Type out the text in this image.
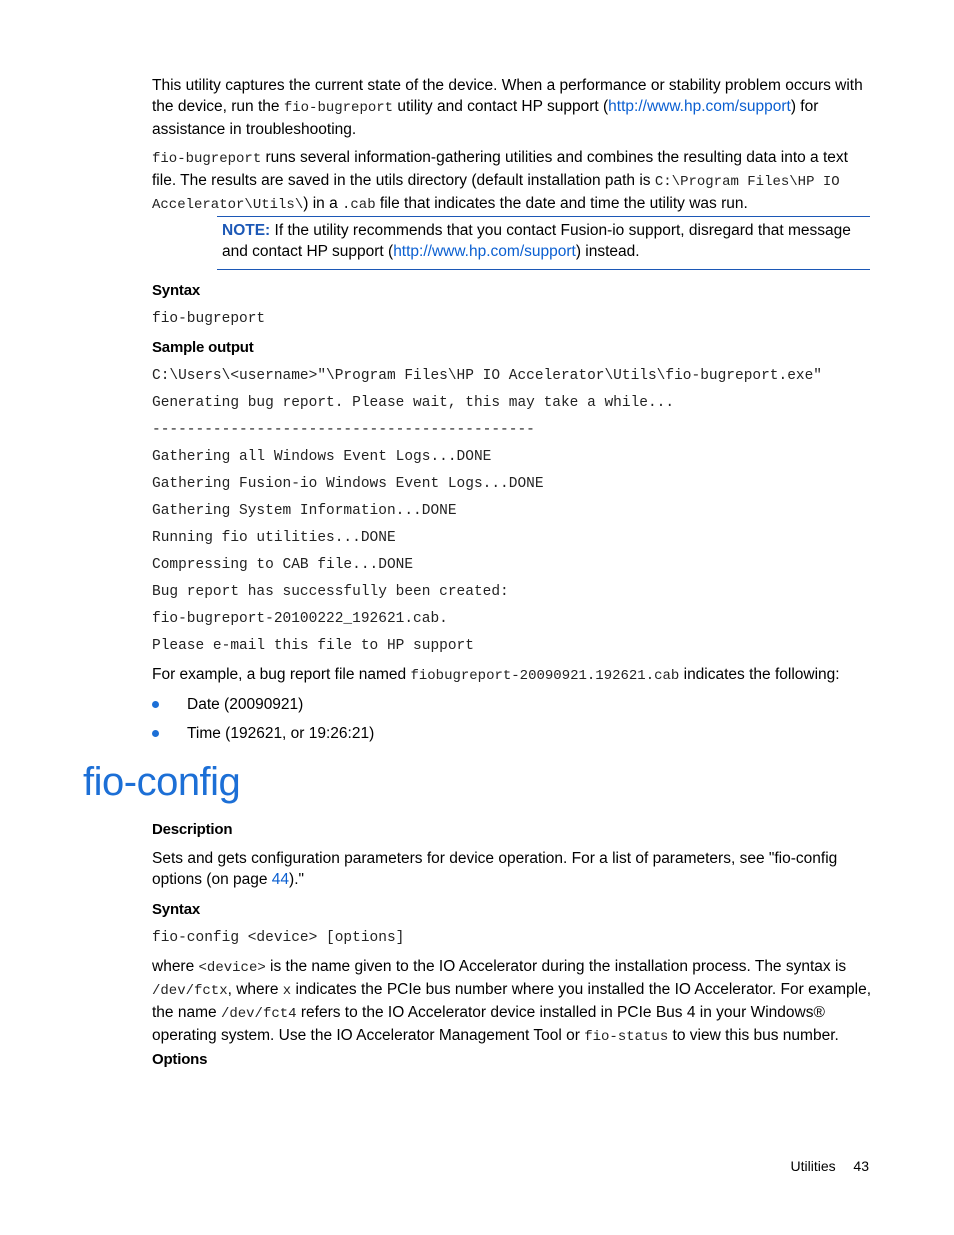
This utility captures the current state of the device. When a performance or stability problem occurs with the device, run the fio-bugreport utility and contact HP support (http://www.hp.com/support) for assistance in troubleshooting.

fio-bugreport runs several information-gathering utilities and combines the resulting data into a text file. The results are saved in the utils directory (default installation path is C:\Program Files\HP IO Accelerator\Utils\) in a .cab file that indicates the date and time the utility was run.

NOTE: If the utility recommends that you contact Fusion-io support, disregard that message and contact HP support (http://www.hp.com/support) instead.
Syntax
fio-bugreport
Sample output
C:\Users\<username>"\Program Files\HP IO Accelerator\Utils\fio-bugreport.exe"
Generating bug report. Please wait, this may take a while...
--------------------------------------------
Gathering all Windows Event Logs...DONE
Gathering Fusion-io Windows Event Logs...DONE
Gathering System Information...DONE
Running fio utilities...DONE
Compressing to CAB file...DONE
Bug report has successfully been created:
fio-bugreport-20100222_192621.cab.
Please e-mail this file to HP support

For example, a bug report file named fiobugreport-20090921.192621.cab indicates the following:

Date (20090921)
Time (192621, or 19:26:21)
fio-config
Description

Sets and gets configuration parameters for device operation. For a list of parameters, see "fio-config options (on page 44)."

Syntax
fio-config <device> [options]

where <device> is the name given to the IO Accelerator during the installation process. The syntax is /dev/fctx, where x indicates the PCIe bus number where you installed the IO Accelerator. For example, the name /dev/fct4 refers to the IO Accelerator device installed in PCIe Bus 4 in your Windows® operating system. Use the IO Accelerator Management Tool or fio-status to view this bus number.

Options
Utilities 43
